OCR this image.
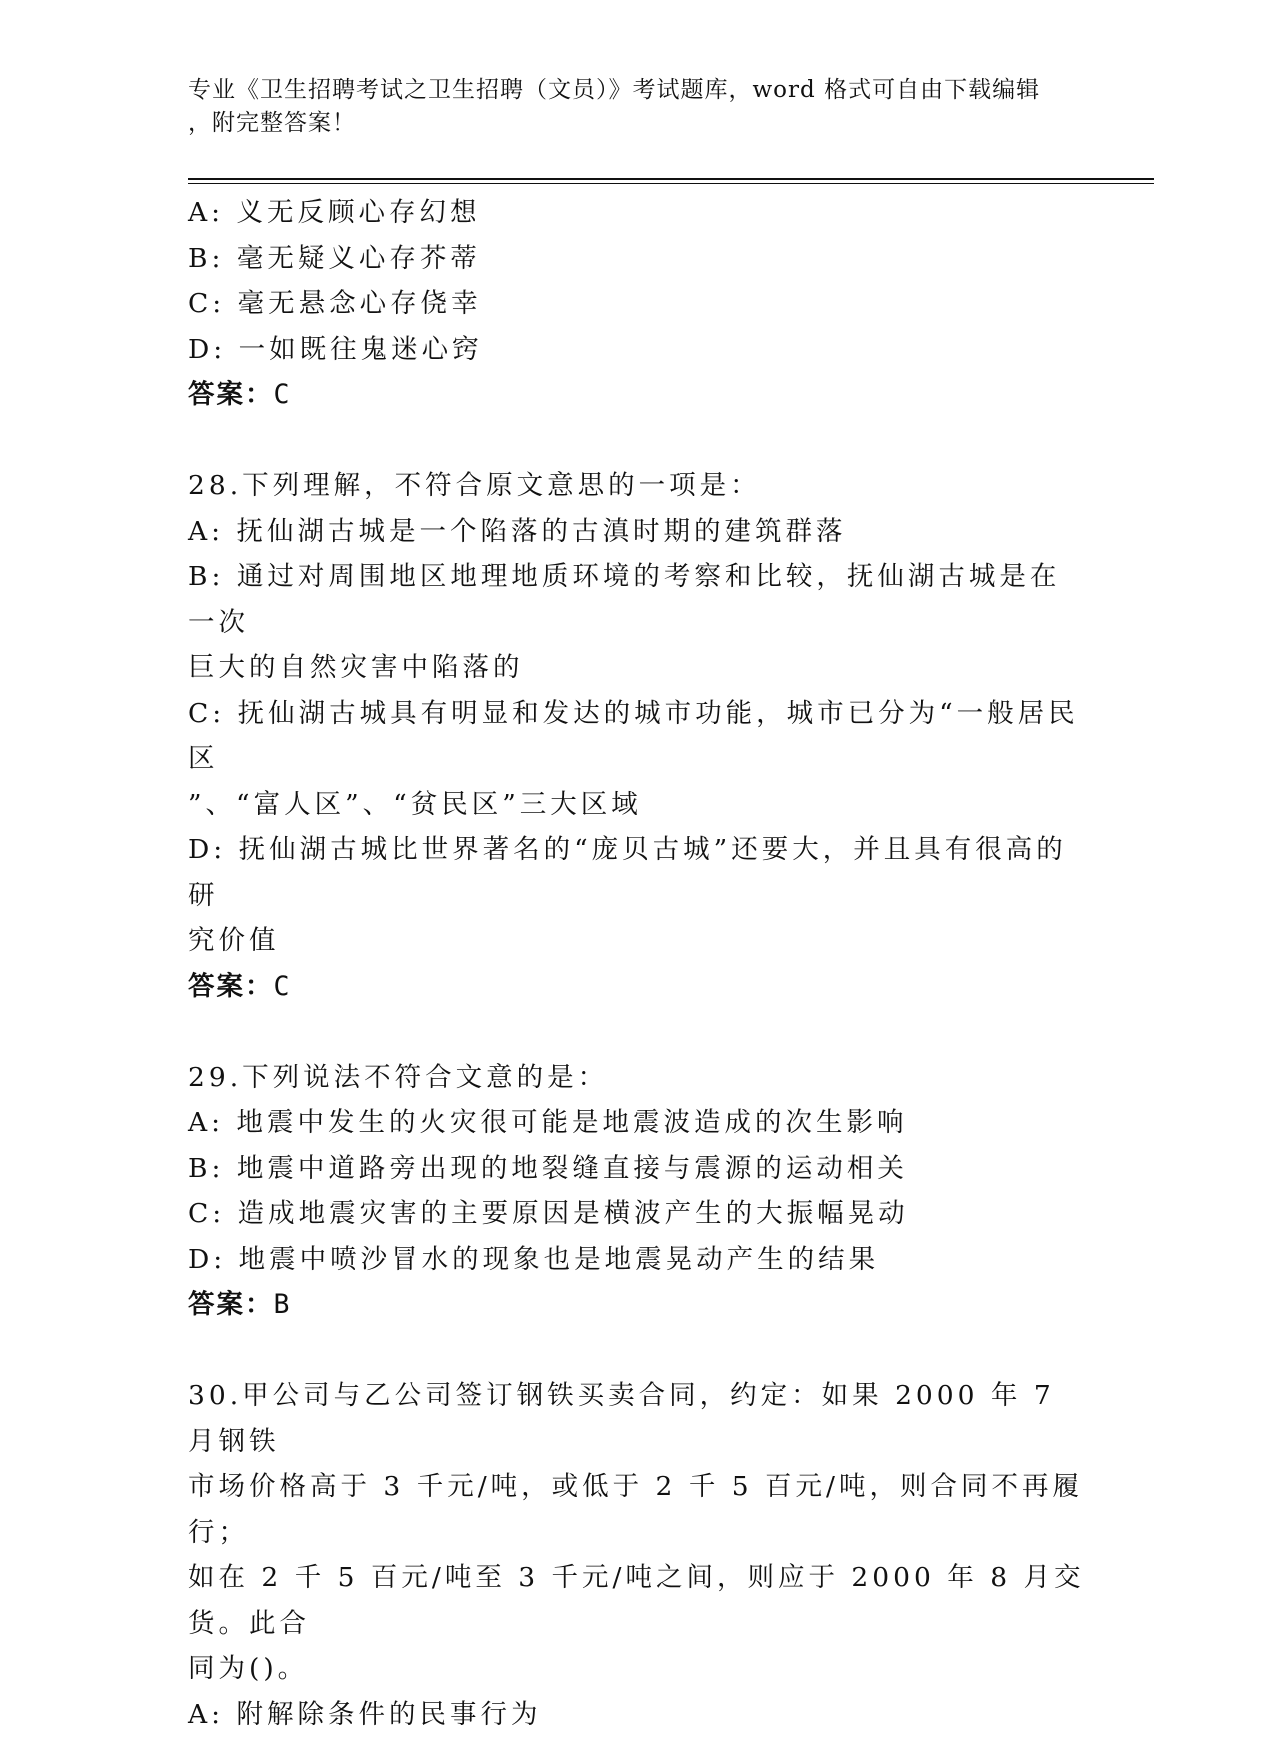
专业《卫生招聘考试之卫生招聘（文员）》考试题库，word 格式可自由下载编辑
，附完整答案！

A: 义无反顾心存幻想

B: 毫无疑义心存芥蒂

C: 毫无悬念心存侥幸

D: 一如既往鬼迷心窍

答案：C

28.下列理解，不符合原文意思的一项是：

A: 抚仙湖古城是一个陷落的古滇时期的建筑群落

B: 通过对周围地区地理地质环境的考察和比较，抚仙湖古城是在一次

巨大的自然灾害中陷落的

C: 抚仙湖古城具有明显和发达的城市功能，城市已分为“一般居民区

”、“富人区”、“贫民区”三大区域

D: 抚仙湖古城比世界著名的“庞贝古城”还要大，并且具有很高的研

究价值

答案：C

29.下列说法不符合文意的是：

A: 地震中发生的火灾很可能是地震波造成的次生影响

B: 地震中道路旁出现的地裂缝直接与震源的运动相关

C: 造成地震灾害的主要原因是横波产生的大振幅晃动

D: 地震中喷沙冒水的现象也是地震晃动产生的结果

答案：B

30.甲公司与乙公司签订钢铁买卖合同，约定：如果 2000 年 7 月钢铁

市场价格高于 3 千元/吨，或低于 2 千 5 百元/吨，则合同不再履行；

如在 2 千 5 百元/吨至 3 千元/吨之间，则应于 2000 年 8 月交货。此合

同为()。

A: 附解除条件的民事行为
